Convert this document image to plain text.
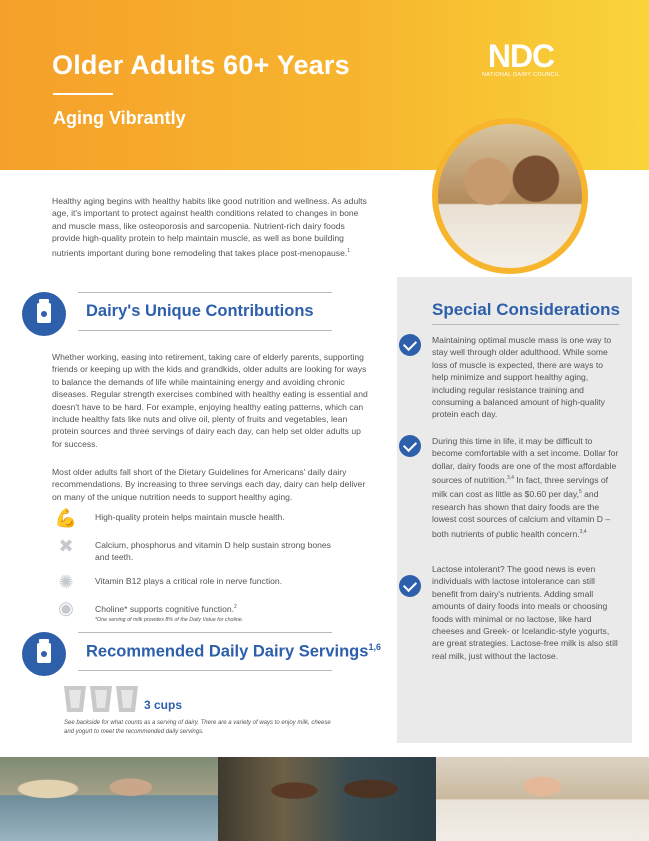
Older Adults 60+ Years
Aging Vibrantly
NDC
NATIONAL DAIRY COUNCIL

Healthy aging begins with healthy habits like good nutrition and wellness. As adults age, it's important to protect against health conditions related to changes in bone and muscle mass, like osteoporosis and sarcopenia. Nutrient-rich dairy foods provide high-quality protein to help maintain muscle, as well as bone building nutrients important during bone remodeling that takes place post-menopause.$^1$

Dairy's Unique Contributions

Whether working, easing into retirement, taking care of elderly parents, supporting friends or keeping up with the kids and grandkids, older adults are looking for ways to balance the demands of life while maintaining energy and avoiding chronic diseases. Regular strength exercises combined with healthy eating is essential and doesn't have to be hard. For example, enjoying healthy eating patterns, which can include healthy fats like nuts and olive oil, plenty of fruits and vegetables, lean protein sources and three servings of dairy each day, can help set older adults up for success.

Most older adults fall short of the Dietary Guidelines for Americans' daily dairy recommendations. By increasing to three servings each day, dairy can help deliver on many of the unique nutrition needs to support healthy aging.

💪 High-quality protein helps maintain muscle health.
✖	Calcium, phosphorus and vitamin D help sustain strong bones and teeth.
✺	Vitamin B12 plays a critical role in nerve function.
◉	Choline* supports cognitive function.$^2$
*One serving of milk provides 8% of the Daily Value for choline.
Recommended Daily Dairy Servings$^{1,6}$
3 cups
See backside for what counts as a serving of dairy. There are a variety of ways to enjoy milk, cheese and yogurt to meet the recommended daily servings.
Special Considerations

Maintaining optimal muscle mass is one way to stay well through older adulthood. While some loss of muscle is expected, there are ways to help minimize and support healthy aging, including regular resistance training and consuming a balanced amount of high-quality protein each day.

During this time in life, it may be difficult to become comfortable with a set income. Dollar for dollar, dairy foods are one of the most affordable sources of nutrition.$^{3,4}$ In fact, three servings of milk can cost as little as $0.60 per day,$^5$ and research has shown that dairy foods are the lowest cost sources of calcium and vitamin D – both nutrients of public health concern.$^{3,4}$

Lactose intolerant? The good news is even individuals with lactose intolerance can still benefit from dairy's nutrients. Adding small amounts of dairy foods into meals or choosing foods with minimal or no lactose, like hard cheeses and Greek- or Icelandic-style yogurts, are great strategies. Lactose-free milk is also still real milk, just without the lactose.
